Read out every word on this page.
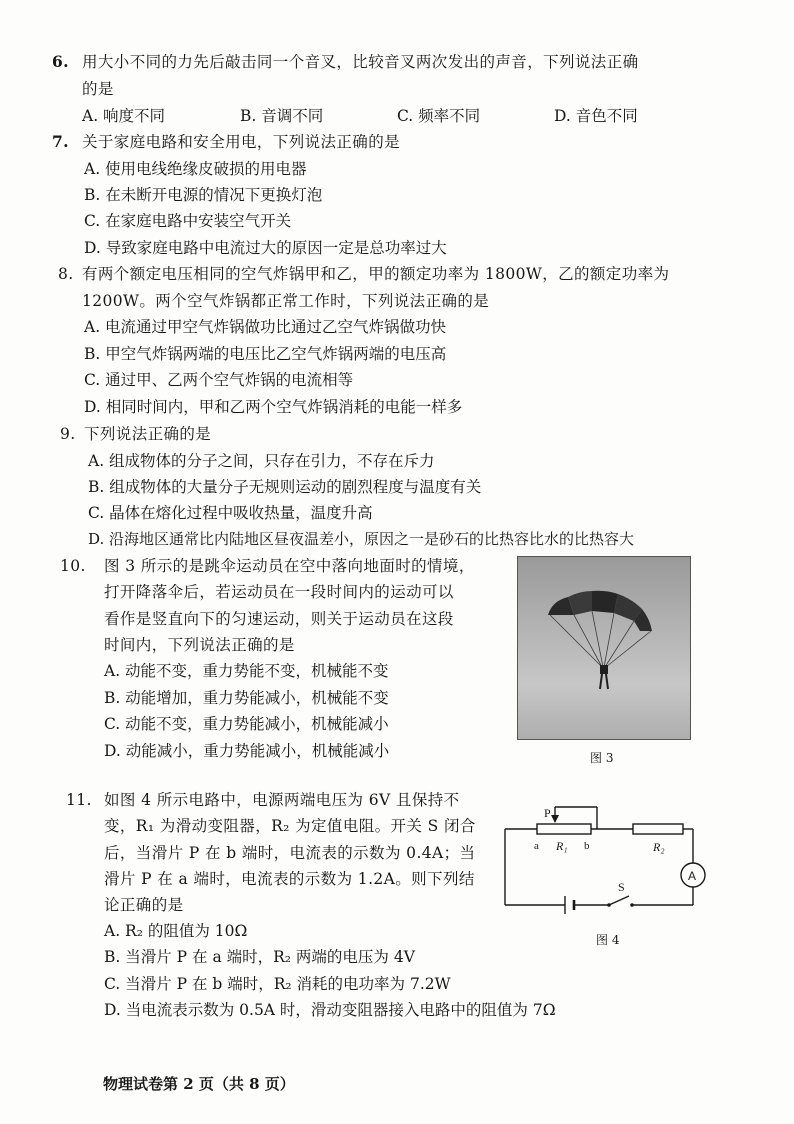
6. 用大小不同的力先后敲击同一个音叉，比较音叉两次发出的声音，下列说法正确
的是
A. 响度不同	B. 音调不同	C. 频率不同	D. 音色不同
7. 关于家庭电路和安全用电，下列说法正确的是
A. 使用电线绝缘皮破损的用电器
B. 在未断开电源的情况下更换灯泡
C. 在家庭电路中安装空气开关
D. 导致家庭电路中电流过大的原因一定是总功率过大
8. 有两个额定电压相同的空气炸锅甲和乙，甲的额定功率为 1800W，乙的额定功率为
1200W。两个空气炸锅都正常工作时，下列说法正确的是
A. 电流通过甲空气炸锅做功比通过乙空气炸锅做功快
B. 甲空气炸锅两端的电压比乙空气炸锅两端的电压高
C. 通过甲、乙两个空气炸锅的电流相等
D. 相同时间内，甲和乙两个空气炸锅消耗的电能一样多
9. 下列说法正确的是
A. 组成物体的分子之间，只存在引力，不存在斥力
B. 组成物体的大量分子无规则运动的剧烈程度与温度有关
C. 晶体在熔化过程中吸收热量，温度升高
D. 沿海地区通常比内陆地区昼夜温差小，原因之一是砂石的比热容比水的比热容大
10. 图 3 所示的是跳伞运动员在空中落向地面时的情境，
打开降落伞后，若运动员在一段时间内的运动可以
看作是竖直向下的匀速运动，则关于运动员在这段
时间内，下列说法正确的是
A. 动能不变，重力势能不变，机械能不变
B. 动能增加，重力势能减小，机械能不变
C. 动能不变，重力势能减小，机械能减小
D. 动能减小，重力势能减小，机械能减小	图 3
11. 如图 4 所示电路中，电源两端电压为 6V 且保持不
变，R₁ 为滑动变阻器，R₂ 为定值电阻。开关 S 闭合
后，当滑片 P 在 b 端时，电流表的示数为 0.4A；当
滑片 P 在 a 端时，电流表的示数为 1.2A。则下列结
论正确的是
A. R₂ 的阻值为 10Ω
B. 当滑片 P 在 a 端时，R₂ 两端的电压为 4V
C. 当滑片 P 在 b 端时，R₂ 消耗的电功率为 7.2W
D. 当电流表示数为 0.5A 时，滑动变阻器接入电路中的阻值为 7Ω
P
a R₁ b	R₂
A
S
图 4
物理试卷第 2 页（共 8 页）
